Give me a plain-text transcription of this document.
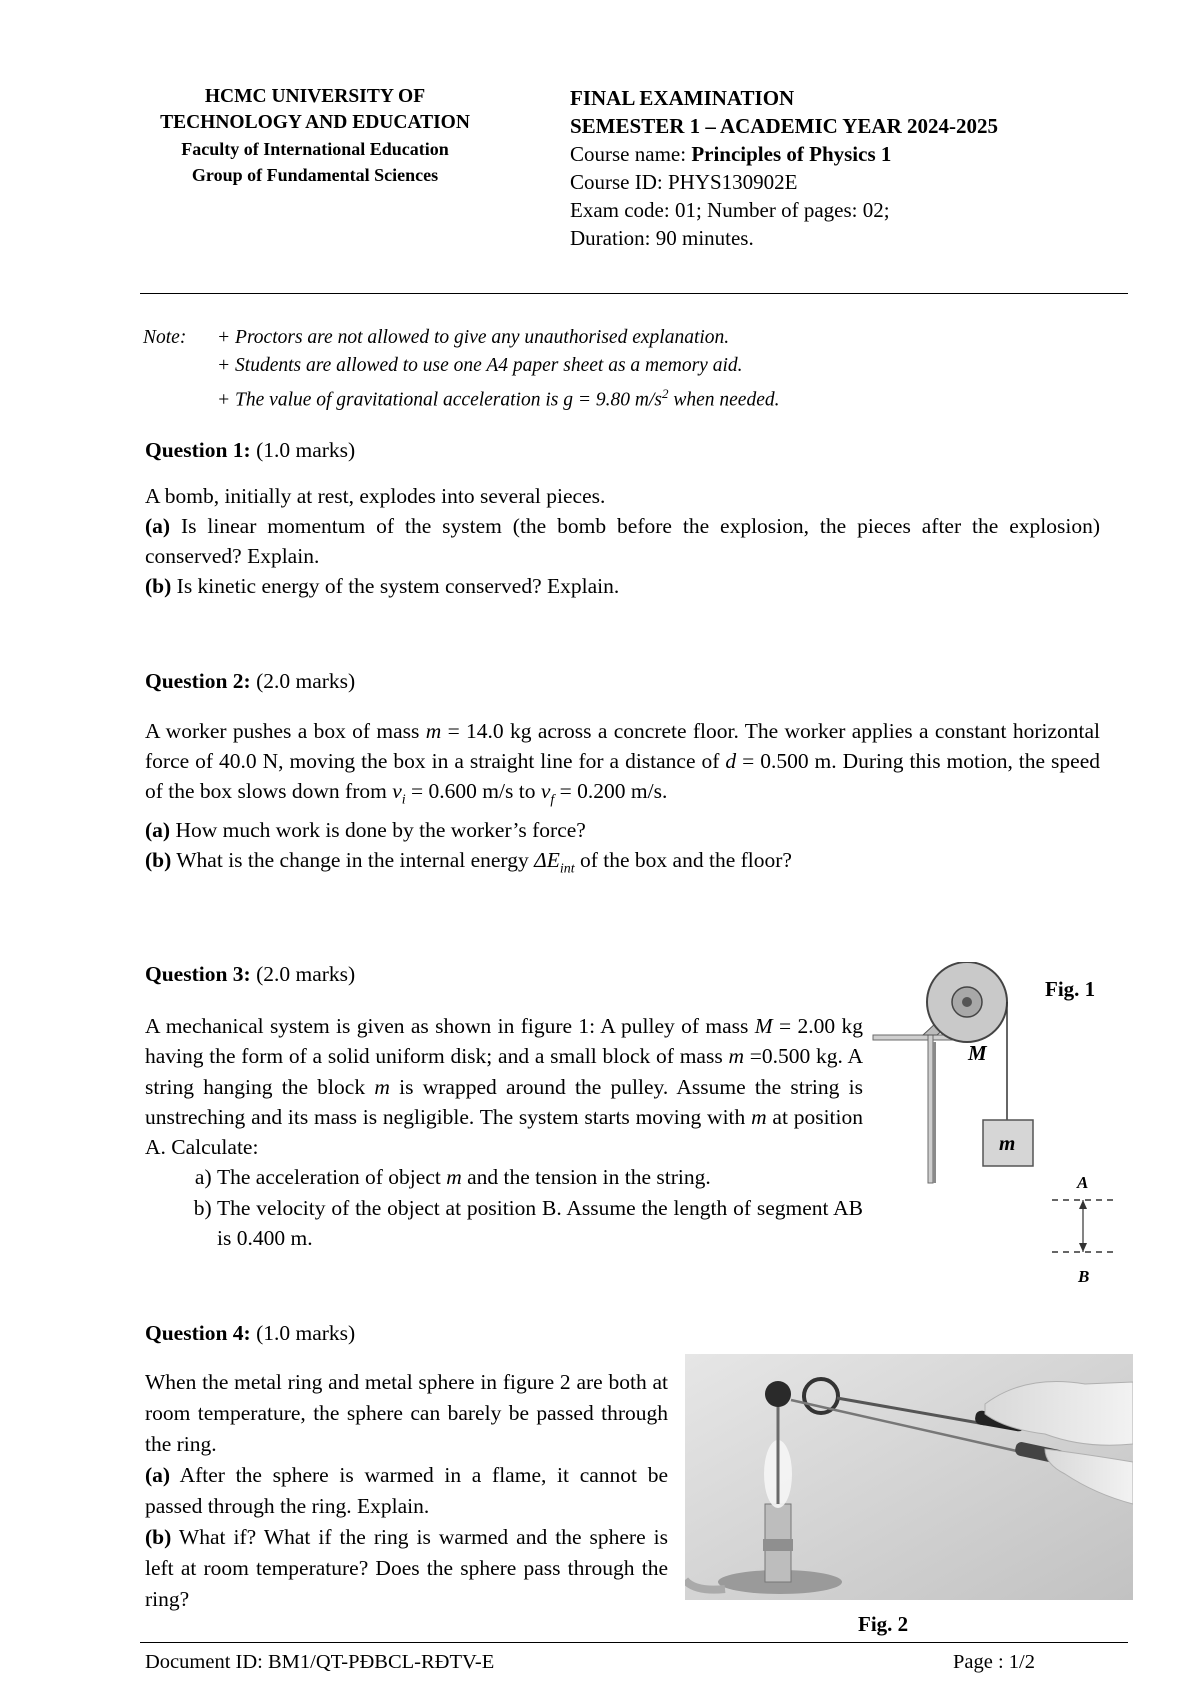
HCMC UNIVERSITY OF
TECHNOLOGY AND EDUCATION
Faculty of International Education
Group of Fundamental Sciences
FINAL EXAMINATION
SEMESTER 1 – ACADEMIC YEAR 2024-2025
Course name: Principles of Physics 1
Course ID: PHYS130902E
Exam code: 01; Number of pages: 02;
Duration: 90 minutes.
Note: + Proctors are not allowed to give any unauthorised explanation.
+ Students are allowed to use one A4 paper sheet as a memory aid.
+ The value of gravitational acceleration is g = 9.80 $m/s^2$ when needed.
Question 1: (1.0 marks)
A bomb, initially at rest, explodes into several pieces.
(a) Is linear momentum of the system (the bomb before the explosion, the pieces after the explosion) conserved? Explain.
(b) Is kinetic energy of the system conserved? Explain.
Question 2: (2.0 marks)
A worker pushes a box of mass m = 14.0 kg across a concrete floor. The worker applies a constant horizontal force of 40.0 N, moving the box in a straight line for a distance of d = 0.500 m. During this motion, the speed of the box slows down from $v_i = 0.600$ m/s to $v_f = 0.200$ m/s.
(a) How much work is done by the worker’s force?
(b) What is the change in the internal energy $\Delta E_{int}$ of the box and the floor?
Question 3: (2.0 marks)
A mechanical system is given as shown in figure 1: A pulley of mass M = 2.00 kg having the form of a solid uniform disk; and a small block of mass m =0.500 kg. A string hanging the block m is wrapped around the pulley. Assume the string is unstreching and its mass is negligible. The system starts moving with m at position A. Calculate:
a. The acceleration of object m and the tension in the string.
b. The velocity of the object at position B. Assume the length of segment AB is 0.400 m.
M
m
Fig. 1
A
B
Question 4: (1.0 marks)
When the metal ring and metal sphere in figure 2 are both at room temperature, the sphere can barely be passed through the ring.
(a) After the sphere is warmed in a flame, it cannot be passed through the ring. Explain.
(b) What if? What if the ring is warmed and the sphere is left at room temperature? Does the sphere pass through the ring?
Fig. 2
Document ID: BM1/QT-PĐBCL-RĐTV-E	Page : 1/2
